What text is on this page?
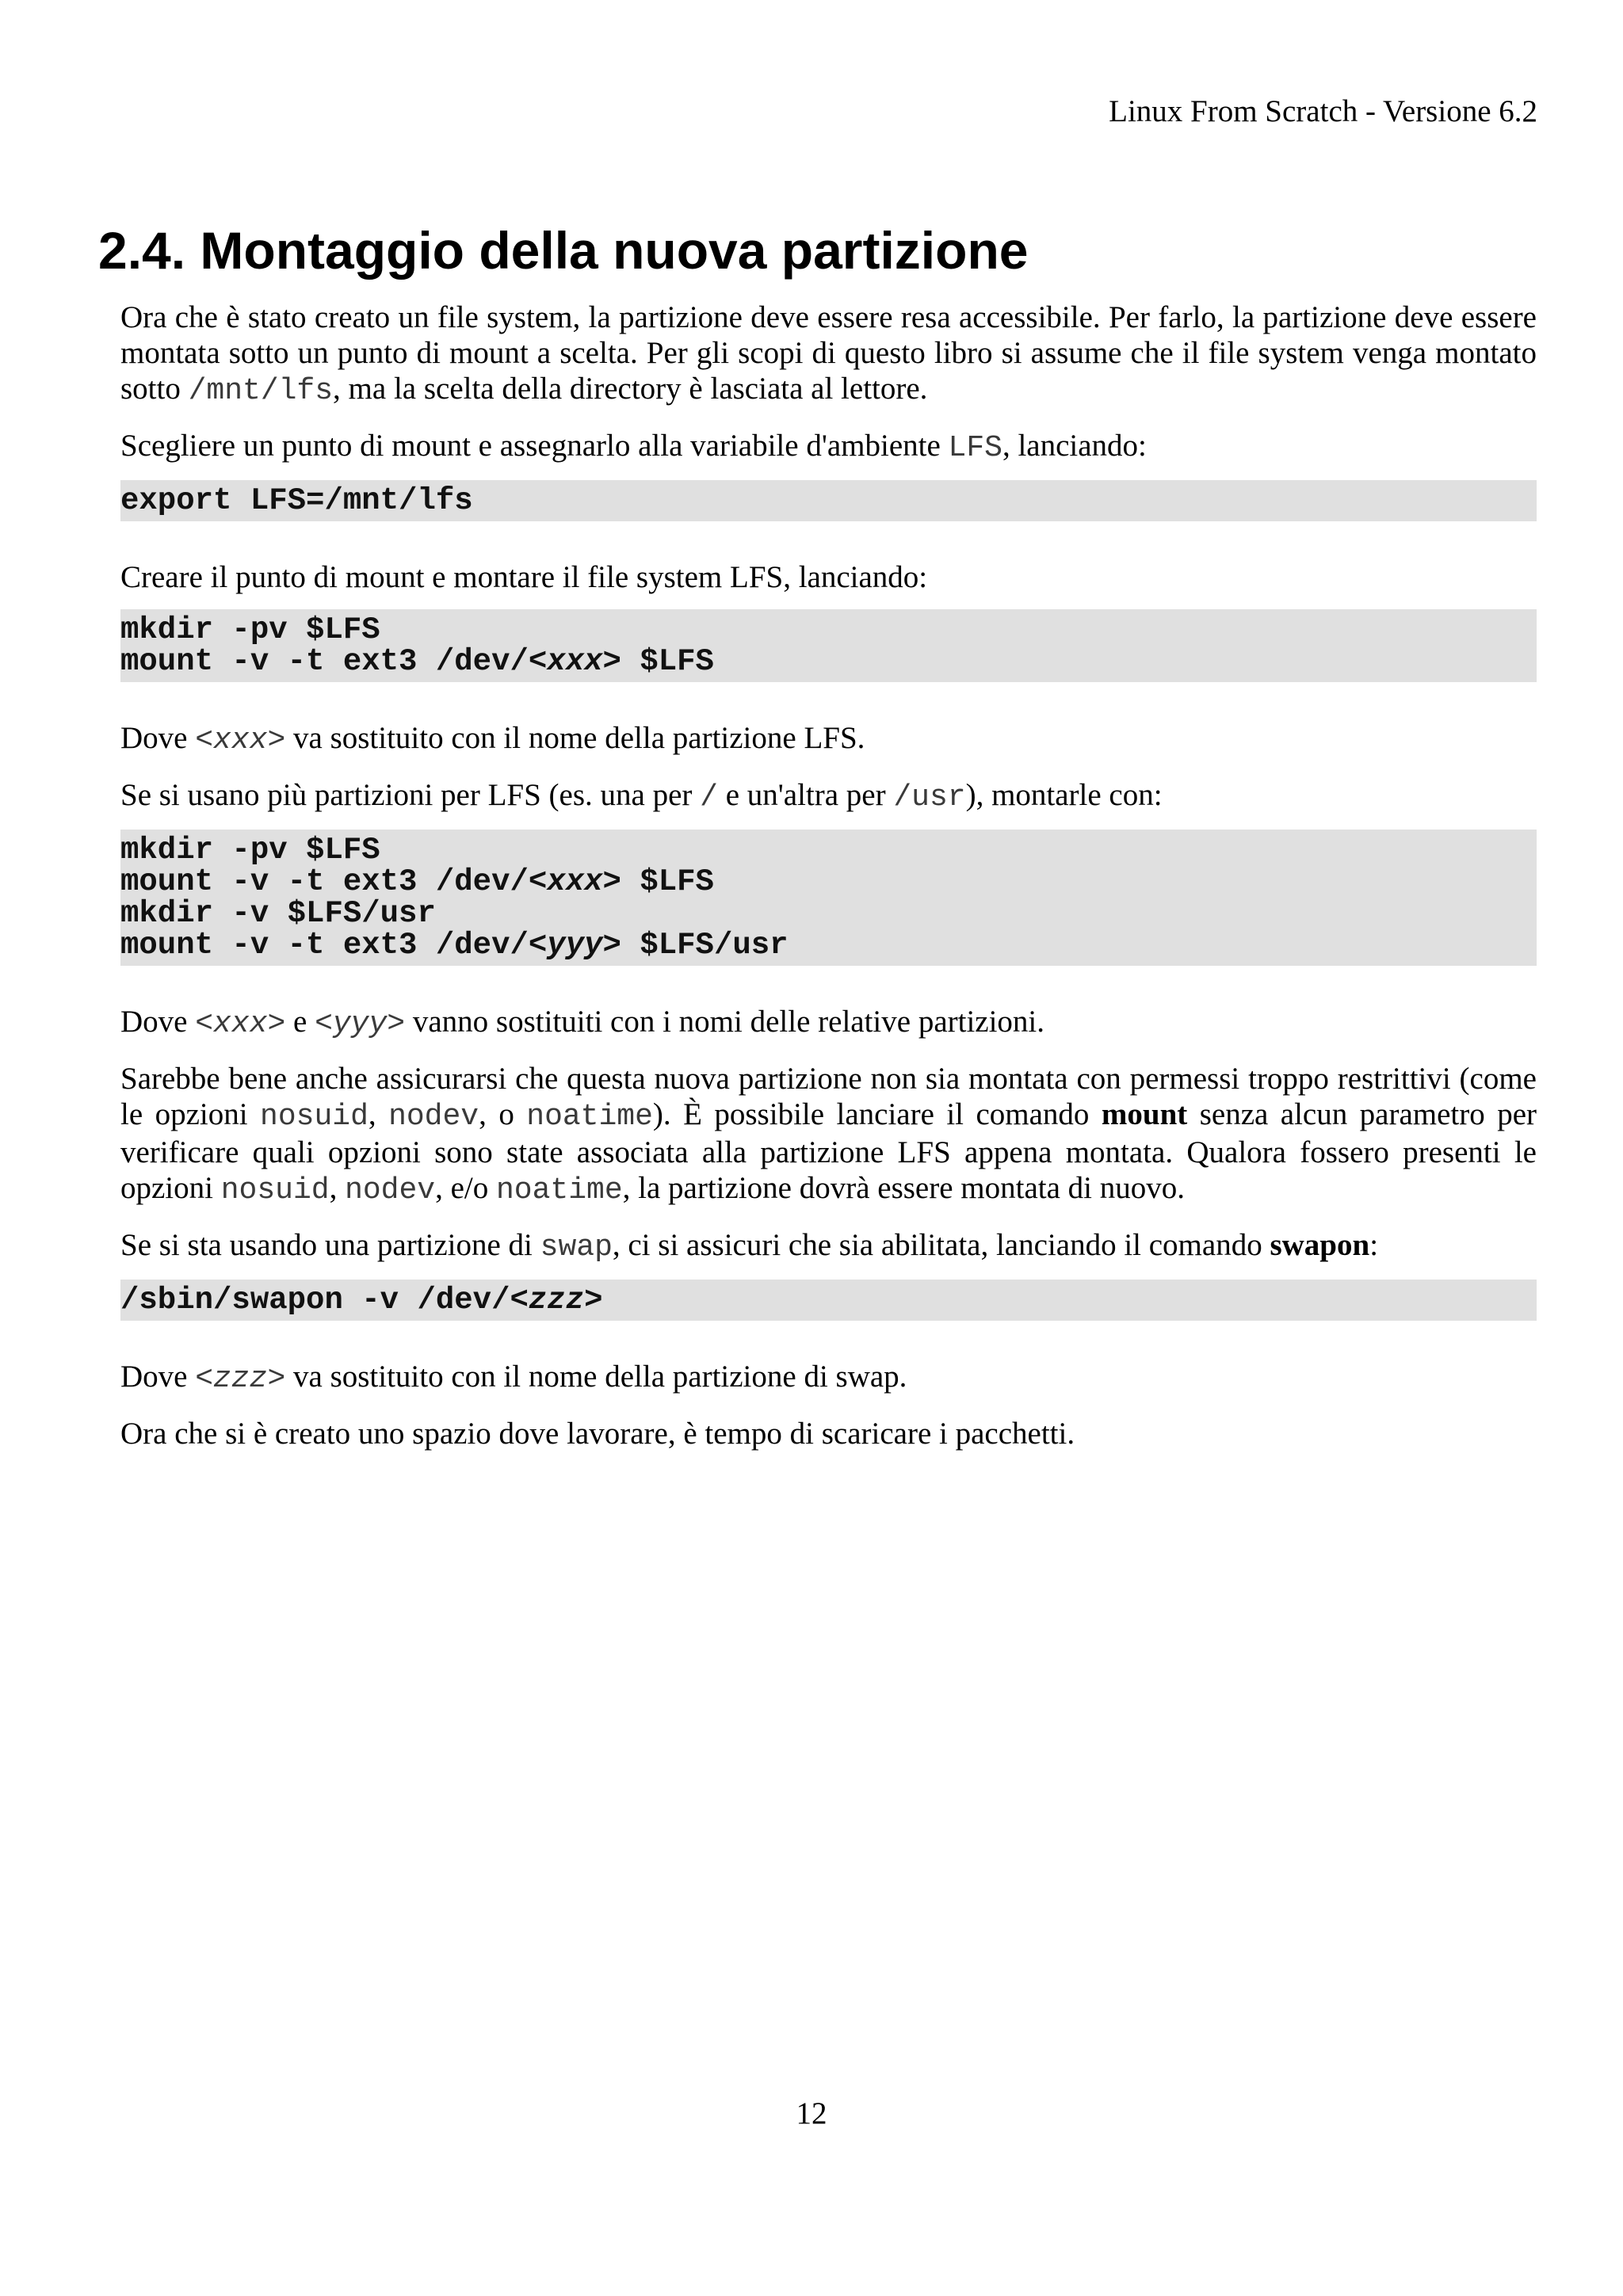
Linux From Scratch - Versione 6.2
2.4. Montaggio della nuova partizione

Ora che è stato creato un file system, la partizione deve essere resa accessibile. Per farlo, la partizione deve essere montata sotto un punto di mount a scelta. Per gli scopi di questo libro si assume che il file system venga montato sotto /mnt/lfs, ma la scelta della directory è lasciata al lettore.

Scegliere un punto di mount e assegnarlo alla variabile d'ambiente LFS, lanciando:

export LFS=/mnt/lfs

Creare il punto di mount e montare il file system LFS, lanciando:

mkdir -pv $LFS
mount -v -t ext3 /dev/<xxx> $LFS

Dove <xxx> va sostituito con il nome della partizione LFS.

Se si usano più partizioni per LFS (es. una per / e un'altra per /usr), montarle con:

mkdir -pv $LFS
mount -v -t ext3 /dev/<xxx> $LFS
mkdir -v $LFS/usr
mount -v -t ext3 /dev/<yyy> $LFS/usr

Dove <xxx> e <yyy> vanno sostituiti con i nomi delle relative partizioni.

Sarebbe bene anche assicurarsi che questa nuova partizione non sia montata con permessi troppo restrittivi (come le opzioni nosuid, nodev, o noatime). È possibile lanciare il comando mount senza alcun parametro per verificare quali opzioni sono state associata alla partizione LFS appena montata. Qualora fossero presenti le opzioni nosuid, nodev, e/o noatime, la partizione dovrà essere montata di nuovo.

Se si sta usando una partizione di swap, ci si assicuri che sia abilitata, lanciando il comando swapon:

/sbin/swapon -v /dev/<zzz>

Dove <zzz> va sostituito con il nome della partizione di swap.

Ora che si è creato uno spazio dove lavorare, è tempo di scaricare i pacchetti.

12
